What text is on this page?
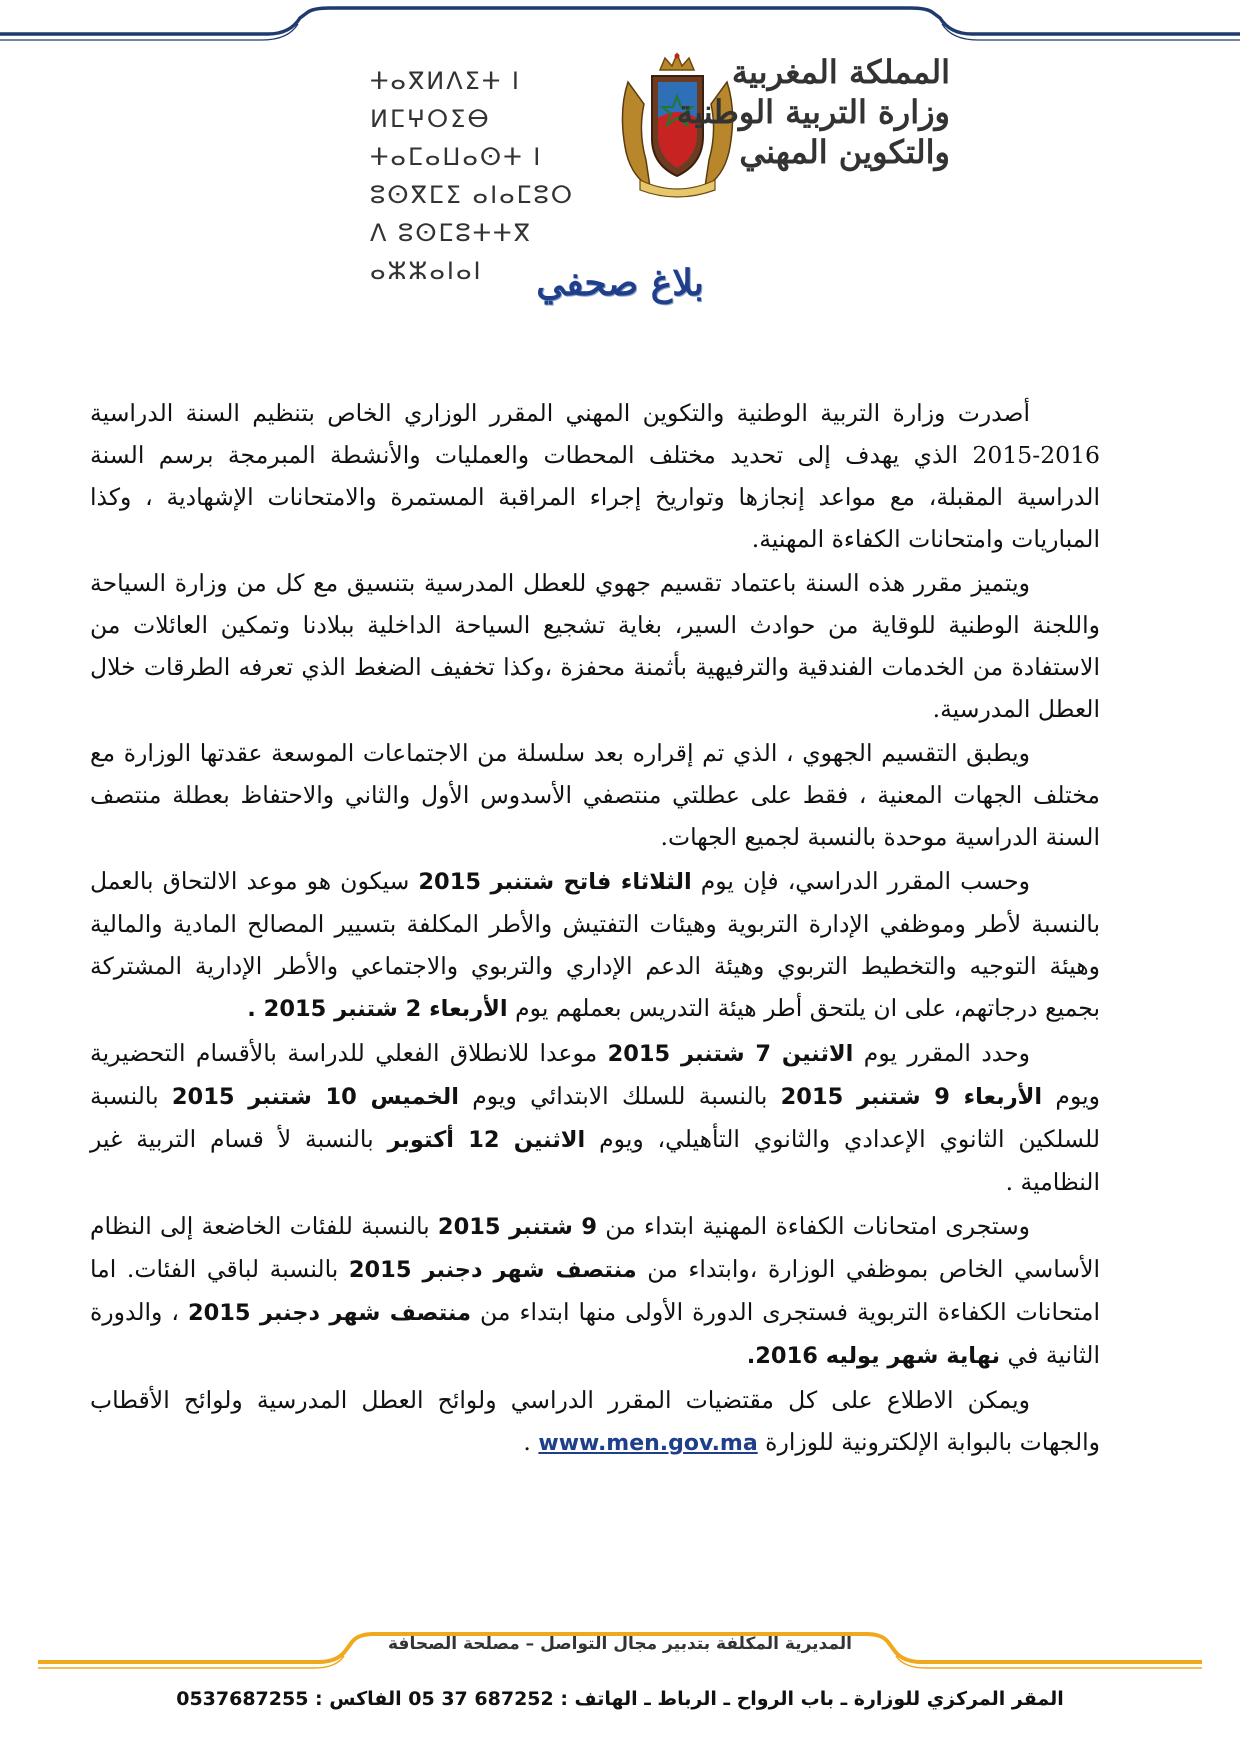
ⵜⴰⴳⵍⴷⵉⵜ ⵏ ⵍⵎⵖⵔⵉⴱ
ⵜⴰⵎⴰⵡⴰⵙⵜ ⵏ ⵓⵙⴳⵎⵉ ⴰⵏⴰⵎⵓⵔ
ⴷ ⵓⵙⵎⵓⵜⵜⴳ ⴰⵣⵣⴰⵏⴰⵏ
المملكة المغربية
وزارة التربية الوطنية
والتكوين المهني
بلاغ صحفي

أصدرت وزارة التربية الوطنية والتكوين المهني المقرر الوزاري الخاص بتنظيم السنة الدراسية 2016-2015 الذي يهدف إلى تحديد مختلف المحطات والعمليات والأنشطة المبرمجة برسم السنة الدراسية المقبلة، مع مواعد إنجازها وتواريخ إجراء المراقبة المستمرة والامتحانات الإشهادية ، وكذا المباريات وامتحانات الكفاءة المهنية.

ويتميز مقرر هذه السنة باعتماد تقسيم جهوي للعطل المدرسية بتنسيق مع كل من وزارة السياحة واللجنة الوطنية للوقاية من حوادث السير، بغاية تشجيع السياحة الداخلية ببلادنا وتمكين العائلات من الاستفادة من الخدمات الفندقية والترفيهية بأثمنة محفزة ،وكذا تخفيف الضغط الذي تعرفه الطرقات خلال العطل المدرسية.

ويطبق التقسيم الجهوي ، الذي تم إقراره بعد سلسلة من الاجتماعات الموسعة عقدتها الوزارة مع مختلف الجهات المعنية ، فقط على عطلتي منتصفي الأسدوس الأول والثاني والاحتفاظ بعطلة منتصف السنة الدراسية موحدة بالنسبة لجميع الجهات.

وحسب المقرر الدراسي، فإن يوم الثلاثاء فاتح شتنبر 2015 سيكون هو موعد الالتحاق بالعمل بالنسبة لأطر وموظفي الإدارة التربوية وهيئات التفتيش والأطر المكلفة بتسيير المصالح المادية والمالية وهيئة التوجيه والتخطيط التربوي وهيئة الدعم الإداري والتربوي والاجتماعي والأطر الإدارية المشتركة بجميع درجاتهم، على ان يلتحق أطر هيئة التدريس بعملهم يوم الأربعاء 2 شتنبر 2015 .

وحدد المقرر يوم الاثنين 7 شتنبر 2015 موعدا للانطلاق الفعلي للدراسة بالأقسام التحضيرية ويوم الأربعاء 9 شتنبر 2015 بالنسبة للسلك الابتدائي ويوم الخميس 10 شتنبر 2015 بالنسبة للسلكين الثانوي الإعدادي والثانوي التأهيلي، ويوم الاثنين 12 أكتوبر بالنسبة لأ قسام التربية غير النظامية .

وستجرى امتحانات الكفاءة المهنية ابتداء من 9 شتنبر 2015 بالنسبة للفئات الخاضعة إلى النظام الأساسي الخاص بموظفي الوزارة ،وابتداء من منتصف شهر دجنبر 2015 بالنسبة لباقي الفئات. اما امتحانات الكفاءة التربوية فستجرى الدورة الأولى منها ابتداء من منتصف شهر دجنبر 2015 ، والدورة الثانية في نهاية شهر يوليه 2016.

ويمكن الاطلاع على كل مقتضيات المقرر الدراسي ولوائح العطل المدرسية ولوائح الأقطاب والجهات بالبوابة الإلكترونية للوزارة www.men.gov.ma .

المديرية المكلفة بتدبير مجال التواصل – مصلحة الصحافة
المقر المركزي للوزارة ـ باب الرواح ـ الرباط ـ الهاتف : 687252 37 05 الفاكس : 0537687255
